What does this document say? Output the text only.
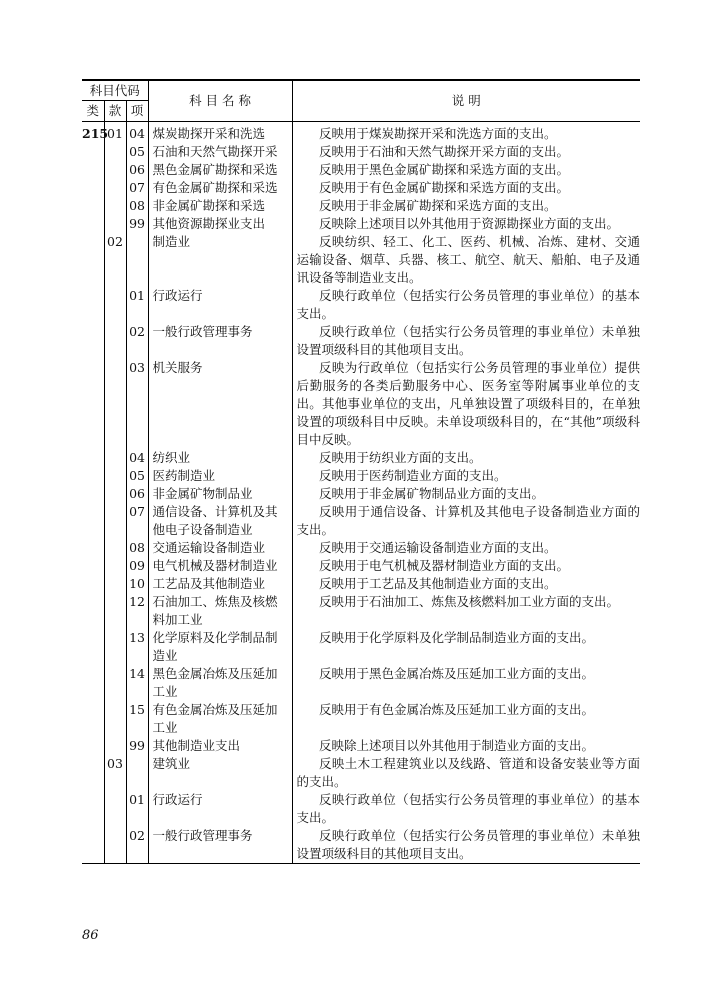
科目代码			科 目 名 称	说 明
类	款	项		
215	01	04	煤炭勘探开采和洗选	反映用于煤炭勘探开采和洗选方面的支出。

		05	石油和天然气勘探开采	反映用于石油和天然气勘探开采方面的支出。

		06	黑色金属矿勘探和采选	反映用于黑色金属矿勘探和采选方面的支出。

		07	有色金属矿勘探和采选	反映用于有色金属矿勘探和采选方面的支出。

		08	非金属矿勘探和采选	反映用于非金属矿勘探和采选方面的支出。

		99	其他资源勘探业支出	反映除上述项目以外其他用于资源勘探业方面的支出。

	02		制造业	反映纺织、轻工、化工、医药、机械、冶炼、建材、交通运输设备、烟草、兵器、核工、航空、航天、船舶、电子及通讯设备等制造业支出。

		01	行政运行	反映行政单位（包括实行公务员管理的事业单位）的基本支出。

		02	一般行政管理事务	反映行政单位（包括实行公务员管理的事业单位）未单独设置项级科目的其他项目支出。

		03	机关服务	反映为行政单位（包括实行公务员管理的事业单位）提供后勤服务的各类后勤服务中心、医务室等附属事业单位的支出。其他事业单位的支出，凡单独设置了项级科目的，在单独设置的项级科目中反映。未单设项级科目的，在“其他”项级科目中反映。

		04	纺织业	反映用于纺织业方面的支出。

		05	医药制造业	反映用于医药制造业方面的支出。

		06	非金属矿物制品业	反映用于非金属矿物制品业方面的支出。

		07	通信设备、计算机及其他电子设备制造业	反映用于通信设备、计算机及其他电子设备制造业方面的支出。

		08	交通运输设备制造业	反映用于交通运输设备制造业方面的支出。

		09	电气机械及器材制造业	反映用于电气机械及器材制造业方面的支出。

		10	工艺品及其他制造业	反映用于工艺品及其他制造业方面的支出。

		12	石油加工、炼焦及核燃料加工业	反映用于石油加工、炼焦及核燃料加工业方面的支出。

		13	化学原料及化学制品制造业	反映用于化学原料及化学制品制造业方面的支出。

		14	黑色金属冶炼及压延加工业	反映用于黑色金属冶炼及压延加工业方面的支出。

		15	有色金属冶炼及压延加工业	反映用于有色金属冶炼及压延加工业方面的支出。

		99	其他制造业支出	反映除上述项目以外其他用于制造业方面的支出。

	03		建筑业	反映土木工程建筑业以及线路、管道和设备安装业等方面的支出。

		01	行政运行	反映行政单位（包括实行公务员管理的事业单位）的基本支出。

		02	一般行政管理事务	反映行政单位（包括实行公务员管理的事业单位）未单独设置项级科目的其他项目支出。
86
